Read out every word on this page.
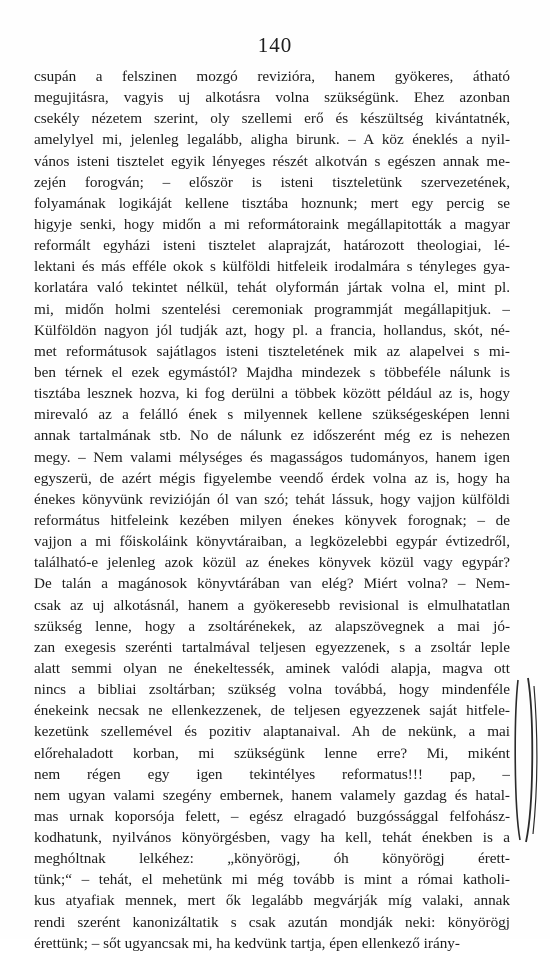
140
csupán a felszinen mozgó revizióra, hanem gyökeres, átható
megujitásra, vagyis uj alkotásra volna szükségünk. Ehez azonban
csekély nézetem szerint, oly szellemi erő és készültség kivántatnék,
amelylyel mi, jelenleg legalább, aligha birunk. – A köz éneklés a nyil-
vános isteni tisztelet egyik lényeges részét alkotván s egészen annak me-
zején forogván; – először is isteni tiszteletünk szervezetének,
folyamának logikáját kellene tisztába hoznunk; mert egy percig se
higyje senki, hogy midőn a mi reformátoraink megállapitották a magyar
reformált egyházi isteni tisztelet alaprajzát, határozott theologiai, lé-
lektani és más efféle okok s külföldi hitfeleik irodalmára s tényleges gya-
korlatára való tekintet nélkül, tehát olyformán jártak volna el, mint pl.
mi, midőn holmi szentelési ceremoniak programmját megállapitjuk. –
Külföldön nagyon jól tudják azt, hogy pl. a francia, hollandus, skót, né-
met reformátusok sajátlagos isteni tiszteletének mik az alapelvei s mi-
ben térnek el ezek egymástól? Majdha mindezek s többeféle nálunk is
tisztába lesznek hozva, ki fog derülni a többek között például az is, hogy
mirevaló az a felálló ének s milyennek kellene szükségesképen lenni
annak tartalmának stb. No de nálunk ez időszerént még ez is nehezen
megy. – Nem valami mélységes és magasságos tudományos, hanem igen
egyszerü, de azért mégis figyelembe veendő érdek volna az is, hogy ha
énekes könyvünk revizióján ól van szó; tehát lássuk, hogy vajjon külföldi
református hitfeleink kezében milyen énekes könyvek forognak; – de
vajjon a mi főiskoláink könyvtáraiban, a legközelebbi egypár évtizedről,
található-e jelenleg azok közül az énekes könyvek közül vagy egypár?
De talán a magánosok könyvtárában van elég? Miért volna? – Nem-
csak az uj alkotásnál, hanem a gyökeresebb revisional is elmulhatatlan
szükség lenne, hogy a zsoltárénekek, az alapszövegnek a mai jó-
zan exegesis szerénti tartalmával teljesen egyezzenek, s a zsoltár leple
alatt semmi olyan ne énekeltessék, aminek valódi alapja, magva ott
nincs a bibliai zsoltárban; szükség volna továbbá, hogy mindenféle
énekeink necsak ne ellenkezzenek, de teljesen egyezzenek saját hitfele-
kezetünk szellemével és pozitiv alaptanaival. Ah de nekünk, a mai
előrehaladott korban, mi szükségünk lenne erre? Mi, miként
nem régen egy igen tekintélyes reformatus!!! pap, –
nem ugyan valami szegény embernek, hanem valamely gazdag és hatal-
mas urnak koporsója felett, – egész elragadó buzgóssággal felfohász-
kodhatunk, nyilvános könyörgésben, vagy ha kell, tehát énekben is a
meghóltnak lelkéhez: „könyörögj, óh könyörögj érett-
tünk;“ – tehát, el mehetünk mi még tovább is mint a római katholi-
kus atyafiak mennek, mert ők legalább megvárják míg valaki, annak
rendi szerént kanonizáltatik s csak azután mondják neki: könyörögj
érettünk; – sőt ugyancsak mi, ha kedvünk tartja, épen ellenkező irány-
